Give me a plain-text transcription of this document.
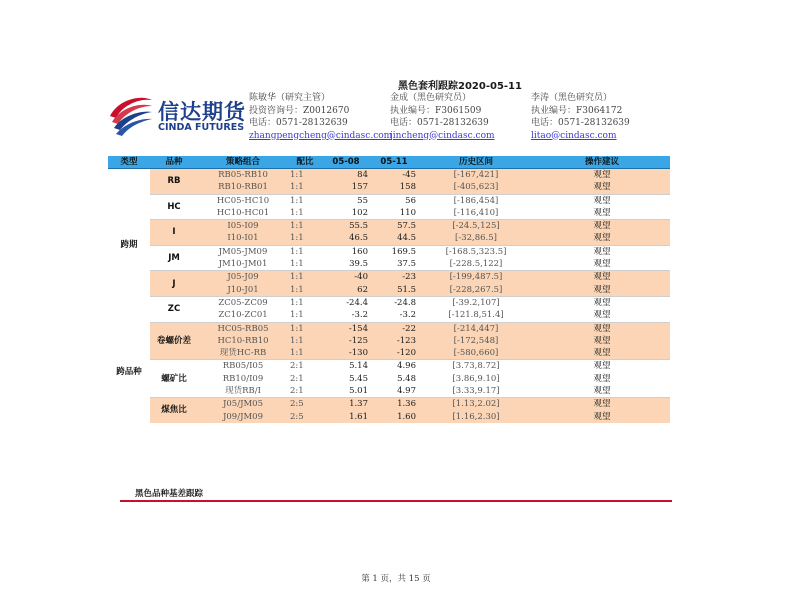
黑色套利跟踪2020-05-11
信达期货
CINDA FUTURES
陈敏华（研究主管）
投资咨询号：Z0012670
电话：0571-28132639
zhangpengcheng@cindasc.com
金成（黑色研究员）
执业编号：F3061509
电话：0571-28132639
jincheng@cindasc.com
李涛（黑色研究员）
执业编号：F3064172
电话：0571-28132639
litao@cindasc.com
类型	品种	策略组合	配比	05-08	05-11	历史区间	操作建议
跨期	RB	RB05-RB10	1:1	84	-45	[-167,421]	观望
		RB10-RB01	1:1	157	158	[-405,623]	观望
	HC	HC05-HC10	1:1	55	56	[-186,454]	观望
		HC10-HC01	1:1	102	110	[-116,410]	观望
	I	I05-I09	1:1	55.5	57.5	[-24.5,125]	观望
		I10-I01	1:1	46.5	44.5	[-32,86.5]	观望
	JM	JM05-JM09	1:1	160	169.5	[-168.5,323.5]	观望
		JM10-JM01	1:1	39.5	37.5	[-228.5,122]	观望
	J	J05-J09	1:1	-40	-23	[-199,487.5]	观望
		J10-J01	1:1	62	51.5	[-228,267.5]	观望
	ZC	ZC05-ZC09	1:1	-24.4	-24.8	[-39.2,107]	观望
		ZC10-ZC01	1:1	-3.2	-3.2	[-121.8,51.4]	观望
跨品种	卷螺价差	HC05-RB05	1:1	-154	-22	[-214,447]	观望
		HC10-RB10	1:1	-125	-123	[-172,548]	观望
		现货HC-RB	1:1	-130	-120	[-580,660]	观望
	螺矿比	RB05/I05	2:1	5.14	4.96	[3.73,8.72]	观望
		RB10/I09	2:1	5.45	5.48	[3.86,9.10]	观望
		现货RB/I	2:1	5.01	4.97	[3.33,9.17]	观望
	煤焦比	J05/JM05	2:5	1.37	1.36	[1.13,2.02]	观望
		J09/JM09	2:5	1.61	1.60	[1.16,2.30]	观望
黑色品种基差跟踪
第 1 页，共 15 页
